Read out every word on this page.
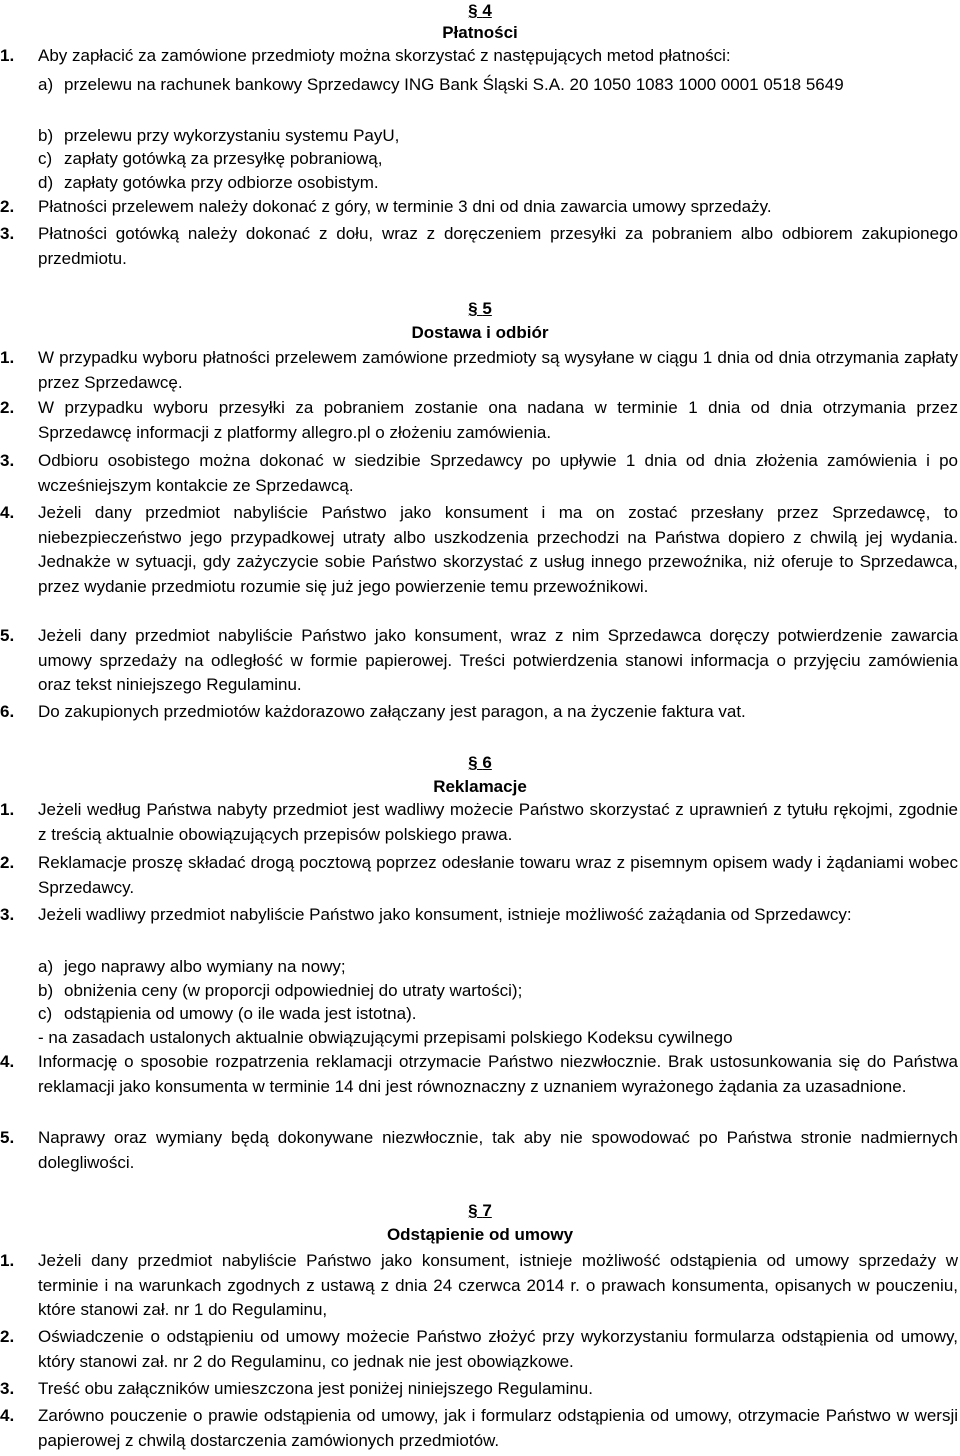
§ 4
Płatności
1.	Aby zapłacić za zamówione przedmioty można skorzystać z następujących metod płatności:
a) przelewu na rachunek bankowy Sprzedawcy ING Bank Śląski S.A. 20 1050 1083 1000 0001 0518 5649
b) przelewu przy wykorzystaniu systemu PayU,
c) zapłaty gotówką za przesyłkę pobraniową,
d) zapłaty gotówka przy odbiorze osobistym.
2.	Płatności przelewem należy dokonać z góry, w terminie 3 dni od dnia zawarcia umowy sprzedaży.
3.	Płatności gotówką należy dokonać z dołu, wraz z doręczeniem przesyłki za pobraniem albo odbiorem zakupionego przedmiotu.
§ 5
Dostawa i odbiór
1.	W przypadku wyboru płatności przelewem zamówione przedmioty są wysyłane w ciągu 1 dnia od dnia otrzymania zapłaty przez Sprzedawcę.
2.	W przypadku wyboru przesyłki za pobraniem zostanie ona nadana w terminie 1 dnia od dnia otrzymania przez Sprzedawcę informacji z platformy allegro.pl o złożeniu zamówienia.
3.	Odbioru osobistego można dokonać w siedzibie Sprzedawcy po upływie 1 dnia od dnia złożenia zamówienia i po wcześniejszym kontakcie ze Sprzedawcą.
4.	Jeżeli dany przedmiot nabyliście Państwo jako konsument i ma on zostać przesłany przez Sprzedawcę, to niebezpieczeństwo jego przypadkowej utraty albo uszkodzenia przechodzi na Państwa dopiero z chwilą jej wydania. Jednakże w sytuacji, gdy zażyczycie sobie Państwo skorzystać z usług innego przewoźnika, niż oferuje to Sprzedawca, przez wydanie przedmiotu rozumie się już jego powierzenie temu przewoźnikowi.
5.	Jeżeli dany przedmiot nabyliście Państwo jako konsument, wraz z nim Sprzedawca doręczy potwierdzenie zawarcia umowy sprzedaży na odległość w formie papierowej. Treści potwierdzenia stanowi informacja o przyjęciu zamówienia oraz tekst niniejszego Regulaminu.
6.	Do zakupionych przedmiotów każdorazowo załączany jest paragon, a na życzenie faktura vat.
§ 6
Reklamacje
1.	Jeżeli według Państwa nabyty przedmiot jest wadliwy możecie Państwo skorzystać z uprawnień z tytułu rękojmi, zgodnie z treścią aktualnie obowiązujących przepisów polskiego prawa.
2.	Reklamacje proszę składać drogą pocztową poprzez odesłanie towaru wraz z pisemnym opisem wady i żądaniami wobec Sprzedawcy.
3.	Jeżeli wadliwy przedmiot nabyliście Państwo jako konsument, istnieje możliwość zażądania od Sprzedawcy:
a) jego naprawy albo wymiany na nowy;
b) obniżenia ceny (w proporcji odpowiedniej do utraty wartości);
c) odstąpienia od umowy (o ile wada jest istotna).
- na zasadach ustalonych aktualnie obwiązującymi przepisami polskiego Kodeksu cywilnego
4.	Informację o sposobie rozpatrzenia reklamacji otrzymacie Państwo niezwłocznie. Brak ustosunkowania się do Państwa reklamacji jako konsumenta w terminie 14 dni jest równoznaczny z uznaniem wyrażonego żądania za uzasadnione.
5.	Naprawy oraz wymiany będą dokonywane niezwłocznie, tak aby nie spowodować po Państwa stronie nadmiernych dolegliwości.
§ 7
Odstąpienie od umowy
1.	Jeżeli dany przedmiot nabyliście Państwo jako konsument, istnieje możliwość odstąpienia od umowy sprzedaży w terminie i na warunkach zgodnych z ustawą z dnia 24 czerwca 2014 r. o prawach konsumenta, opisanych w pouczeniu, które stanowi zał. nr 1 do Regulaminu,
2.	Oświadczenie o odstąpieniu od umowy możecie Państwo złożyć przy wykorzystaniu formularza odstąpienia od umowy, który stanowi zał. nr 2 do Regulaminu, co jednak nie jest obowiązkowe.
3.	Treść obu załączników umieszczona jest poniżej niniejszego Regulaminu.
4.	Zarówno pouczenie o prawie odstąpienia od umowy, jak i formularz odstąpienia od umowy, otrzymacie Państwo w wersji papierowej z chwilą dostarczenia zamówionych przedmiotów.
